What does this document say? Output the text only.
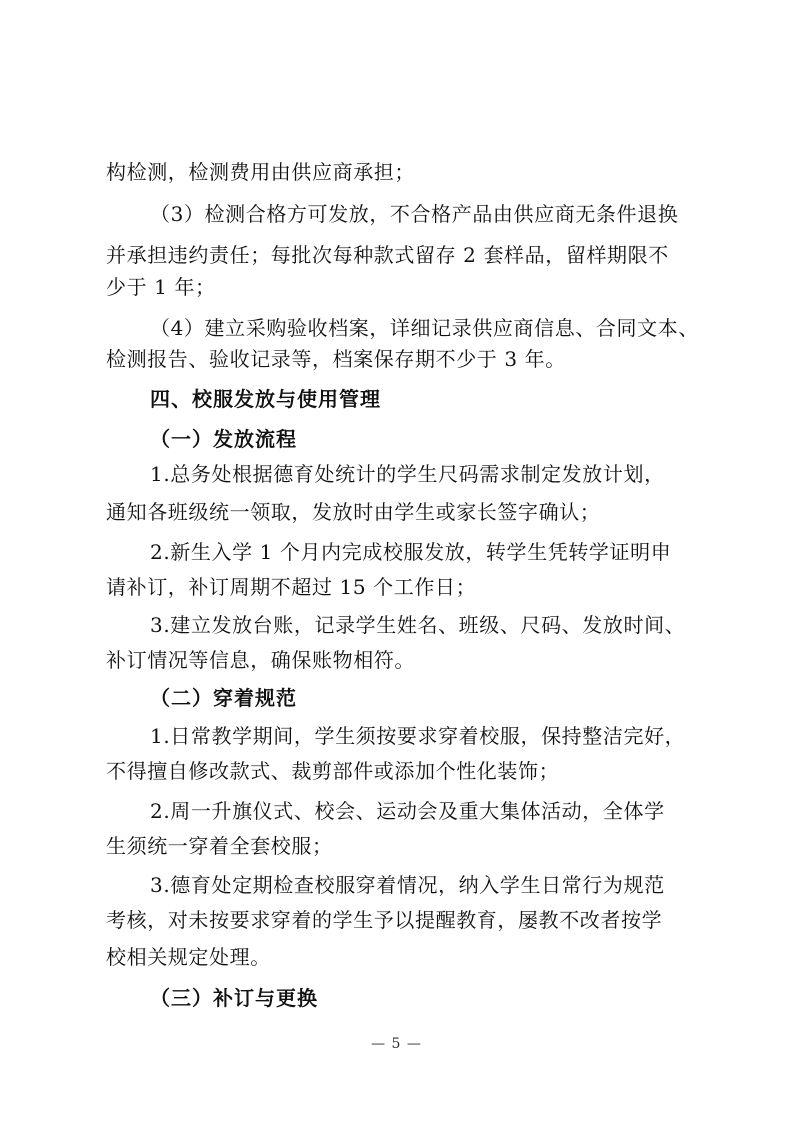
构检测，检测费用由供应商承担；
（3）检测合格方可发放，不合格产品由供应商无条件退换
并承担违约责任；每批次每种款式留存 2 套样品，留样期限不
少于 1 年；
（4）建立采购验收档案，详细记录供应商信息、合同文本、
检测报告、验收记录等，档案保存期不少于 3 年。
四、校服发放与使用管理
（一）发放流程
1.总务处根据德育处统计的学生尺码需求制定发放计划，
通知各班级统一领取，发放时由学生或家长签字确认；
2.新生入学 1 个月内完成校服发放，转学生凭转学证明申
请补订，补订周期不超过 15 个工作日；
3.建立发放台账，记录学生姓名、班级、尺码、发放时间、
补订情况等信息，确保账物相符。
（二）穿着规范
1.日常教学期间，学生须按要求穿着校服，保持整洁完好，
不得擅自修改款式、裁剪部件或添加个性化装饰；
2.周一升旗仪式、校会、运动会及重大集体活动，全体学
生须统一穿着全套校服；
3.德育处定期检查校服穿着情况，纳入学生日常行为规范
考核，对未按要求穿着的学生予以提醒教育，屡教不改者按学
校相关规定处理。
（三）补订与更换
— 5 —
